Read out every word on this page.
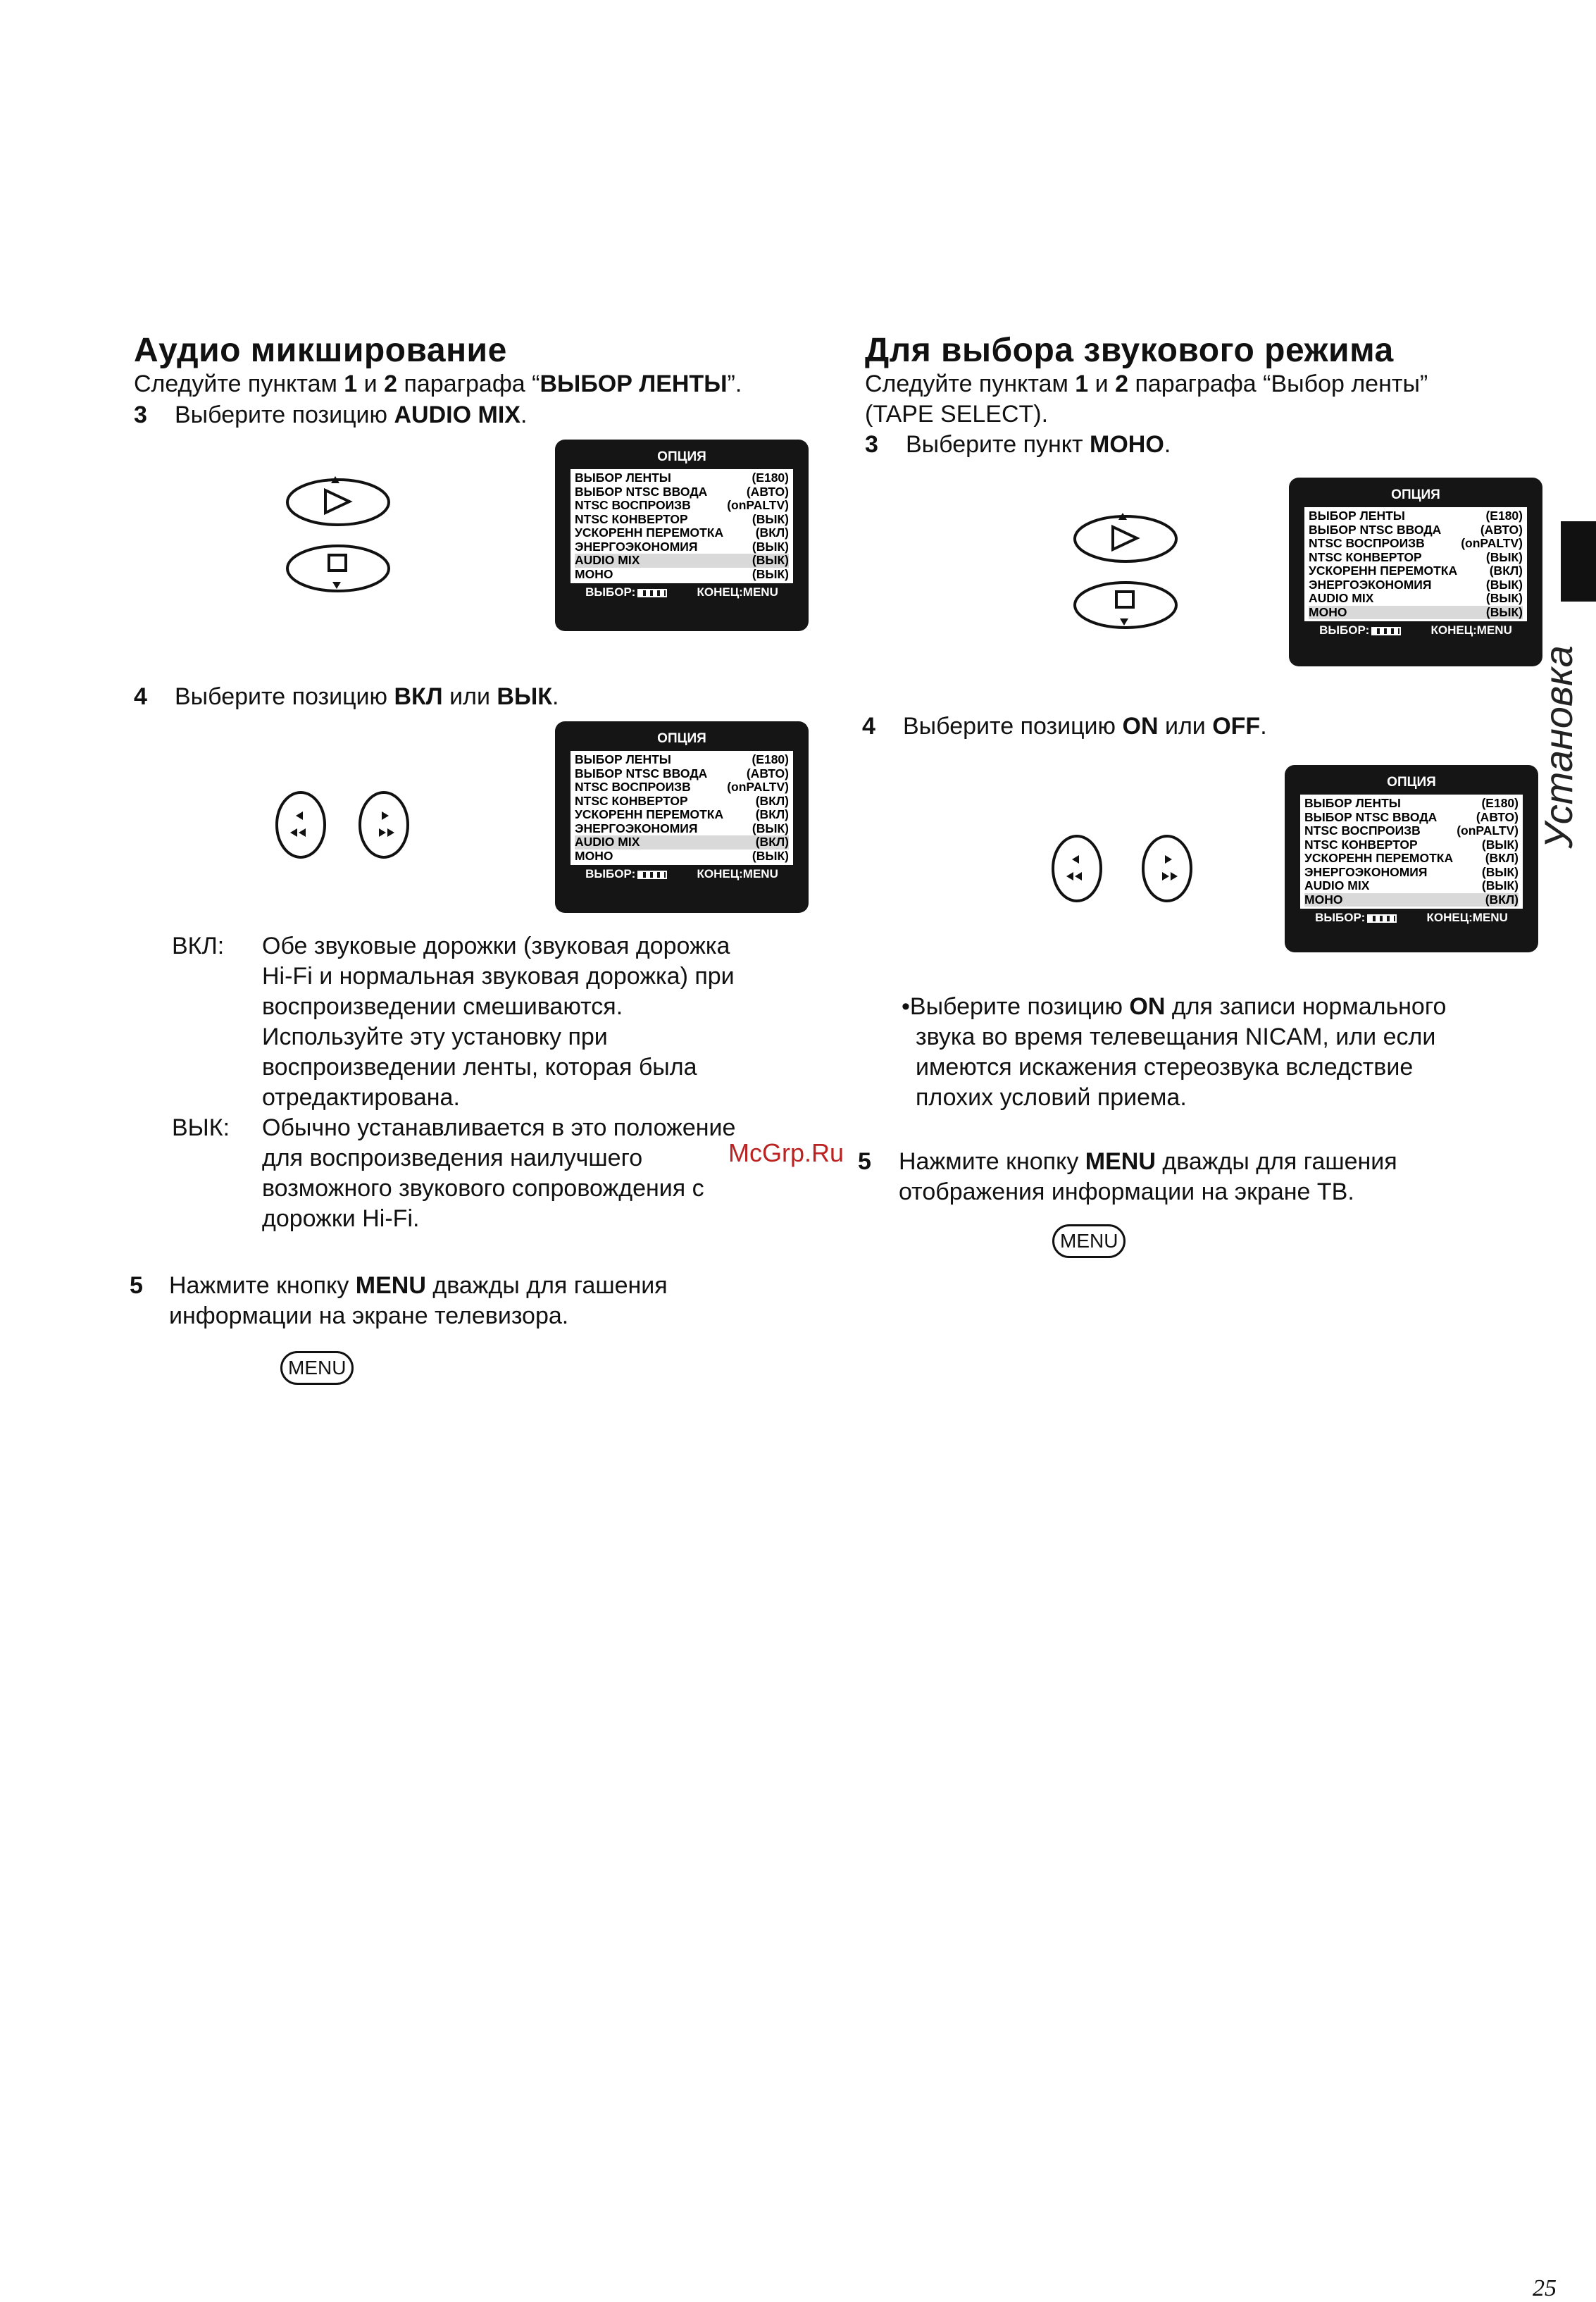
Аудио микширование
Следуйте пунктам 1 и 2 параграфа “ВЫБОР ЛЕНТЫ”.
3 Выберите позицию AUDIO MIX.
ОПЦИЯ
ВЫБОР ЛЕНТЫ	(E180)
ВЫБОР NTSC ВВОДА	(АВТО)
NTSC ВОСПРОИЗВ	(onPALTV)
NTSC КОНВЕРТОР	(ВЫК)
УСКОРЕНН ПЕРЕМОТКА	(ВКЛ)
ЭНЕРГОЭКОНОМИЯ	(ВЫК)
AUDIO MIX	(ВЫК)
МОНО	(ВЫК)
ВЫБОР:	КОНЕЦ:MENU
4 Выберите позицию ВКЛ или ВЫК.
ОПЦИЯ
ВЫБОР ЛЕНТЫ	(E180)
ВЫБОР NTSC ВВОДА	(АВТО)
NTSC ВОСПРОИЗВ	(onPALTV)
NTSC КОНВЕРТОР	(ВКЛ)
УСКОРЕНН ПЕРЕМОТКА	(ВКЛ)
ЭНЕРГОЭКОНОМИЯ	(ВЫК)
AUDIO MIX	(ВКЛ)
МОНО	(ВЫК)
ВЫБОР:	КОНЕЦ:MENU
ВКЛ: Обе звуковые дорожки (звуковая дорожка
Hi-Fi и нормальная звуковая дорожка) при
воспроизведении смешиваются.
Используйте эту установку при
воспроизведении ленты, которая была
отредактирована.
ВЫК: Обычно устанавливается в это положение
для воспроизведения наилучшего
возможного звукового сопровождения с
дорожки Hi-Fi.
5 Нажмите кнопку MENU дважды для гашения
информации на экране телевизора.
MENU
Для выбора звукового режима
Следуйте пунктам 1 и 2 параграфа “Выбор ленты”
(TAPE SELECT).
3 Выберите пункт МОНО.
ОПЦИЯ
ВЫБОР ЛЕНТЫ	(E180)
ВЫБОР NTSC ВВОДА	(АВТО)
NTSC ВОСПРОИЗВ	(onPALTV)
NTSC КОНВЕРТОР	(ВЫК)
УСКОРЕНН ПЕРЕМОТКА	(ВКЛ)
ЭНЕРГОЭКОНОМИЯ	(ВЫК)
AUDIO MIX	(ВЫК)
МОНО	(ВЫК)
ВЫБОР:	КОНЕЦ:MENU
4 Выберите позицию ON или OFF.
ОПЦИЯ
ВЫБОР ЛЕНТЫ	(E180)
ВЫБОР NTSC ВВОДА	(АВТО)
NTSC ВОСПРОИЗВ	(onPALTV)
NTSC КОНВЕРТОР	(ВЫК)
УСКОРЕНН ПЕРЕМОТКА	(ВКЛ)
ЭНЕРГОЭКОНОМИЯ	(ВЫК)
AUDIO MIX	(ВЫК)
МОНО	(ВКЛ)
ВЫБОР:	КОНЕЦ:MENU
•Выберите позицию ON для записи нормального
звука во время телевещания NICAM, или если
имеются искажения стереозвука вследствие
плохих условий приема.
5 Нажмите кнопку MENU дважды для гашения
отображения информации на экране ТВ.
MENU
Установка
McGrp.Ru
25
